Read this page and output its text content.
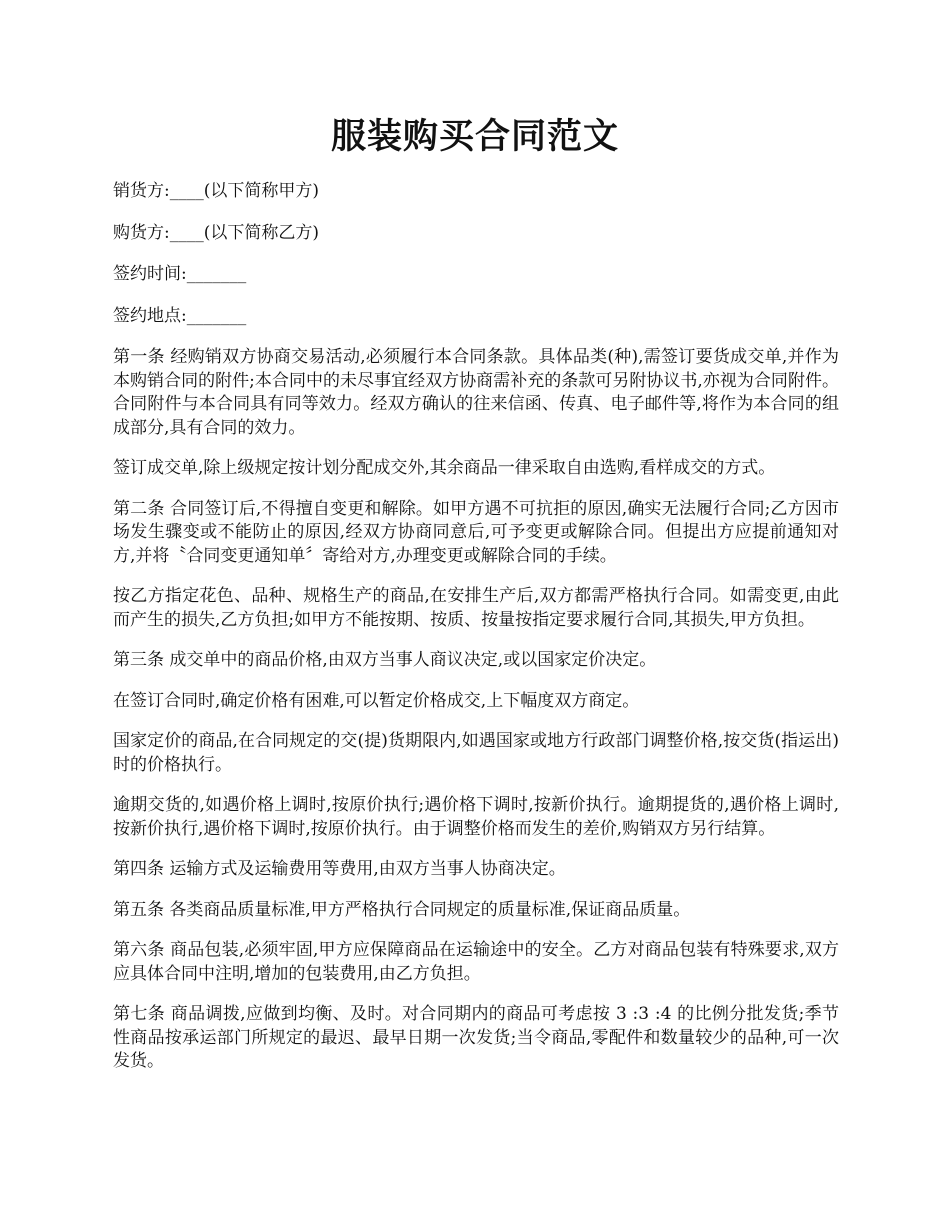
服装购买合同范文

销货方:____(以下简称甲方)

购货方:____(以下简称乙方)

签约时间:_______

签约地点:_______

第一条 经购销双方协商交易活动,必须履行本合同条款。具体品类(种),需签订要货成交单,并作为本购销合同的附件;本合同中的未尽事宜经双方协商需补充的条款可另附协议书,亦视为合同附件。合同附件与本合同具有同等效力。经双方确认的往来信函、传真、电子邮件等,将作为本合同的组成部分,具有合同的效力。

签订成交单,除上级规定按计划分配成交外,其余商品一律采取自由选购,看样成交的方式。

第二条 合同签订后,不得擅自变更和解除。如甲方遇不可抗拒的原因,确实无法履行合同;乙方因市场发生骤变或不能防止的原因,经双方协商同意后,可予变更或解除合同。但提出方应提前通知对方,并将〝合同变更通知单〞寄给对方,办理变更或解除合同的手续。

按乙方指定花色、品种、规格生产的商品,在安排生产后,双方都需严格执行合同。如需变更,由此而产生的损失,乙方负担;如甲方不能按期、按质、按量按指定要求履行合同,其损失,甲方负担。

第三条 成交单中的商品价格,由双方当事人商议决定,或以国家定价决定。

在签订合同时,确定价格有困难,可以暂定价格成交,上下幅度双方商定。

国家定价的商品,在合同规定的交(提)货期限内,如遇国家或地方行政部门调整价格,按交货(指运出)时的价格执行。

逾期交货的,如遇价格上调时,按原价执行;遇价格下调时,按新价执行。逾期提货的,遇价格上调时,按新价执行,遇价格下调时,按原价执行。由于调整价格而发生的差价,购销双方另行结算。

第四条 运输方式及运输费用等费用,由双方当事人协商决定。

第五条 各类商品质量标准,甲方严格执行合同规定的质量标准,保证商品质量。

第六条 商品包装,必须牢固,甲方应保障商品在运输途中的安全。乙方对商品包装有特殊要求,双方应具体合同中注明,增加的包装费用,由乙方负担。

第七条 商品调拨,应做到均衡、及时。对合同期内的商品可考虑按 3 :3 :4 的比例分批发货;季节性商品按承运部门所规定的最迟、最早日期一次发货;当令商品,零配件和数量较少的品种,可一次发货。
